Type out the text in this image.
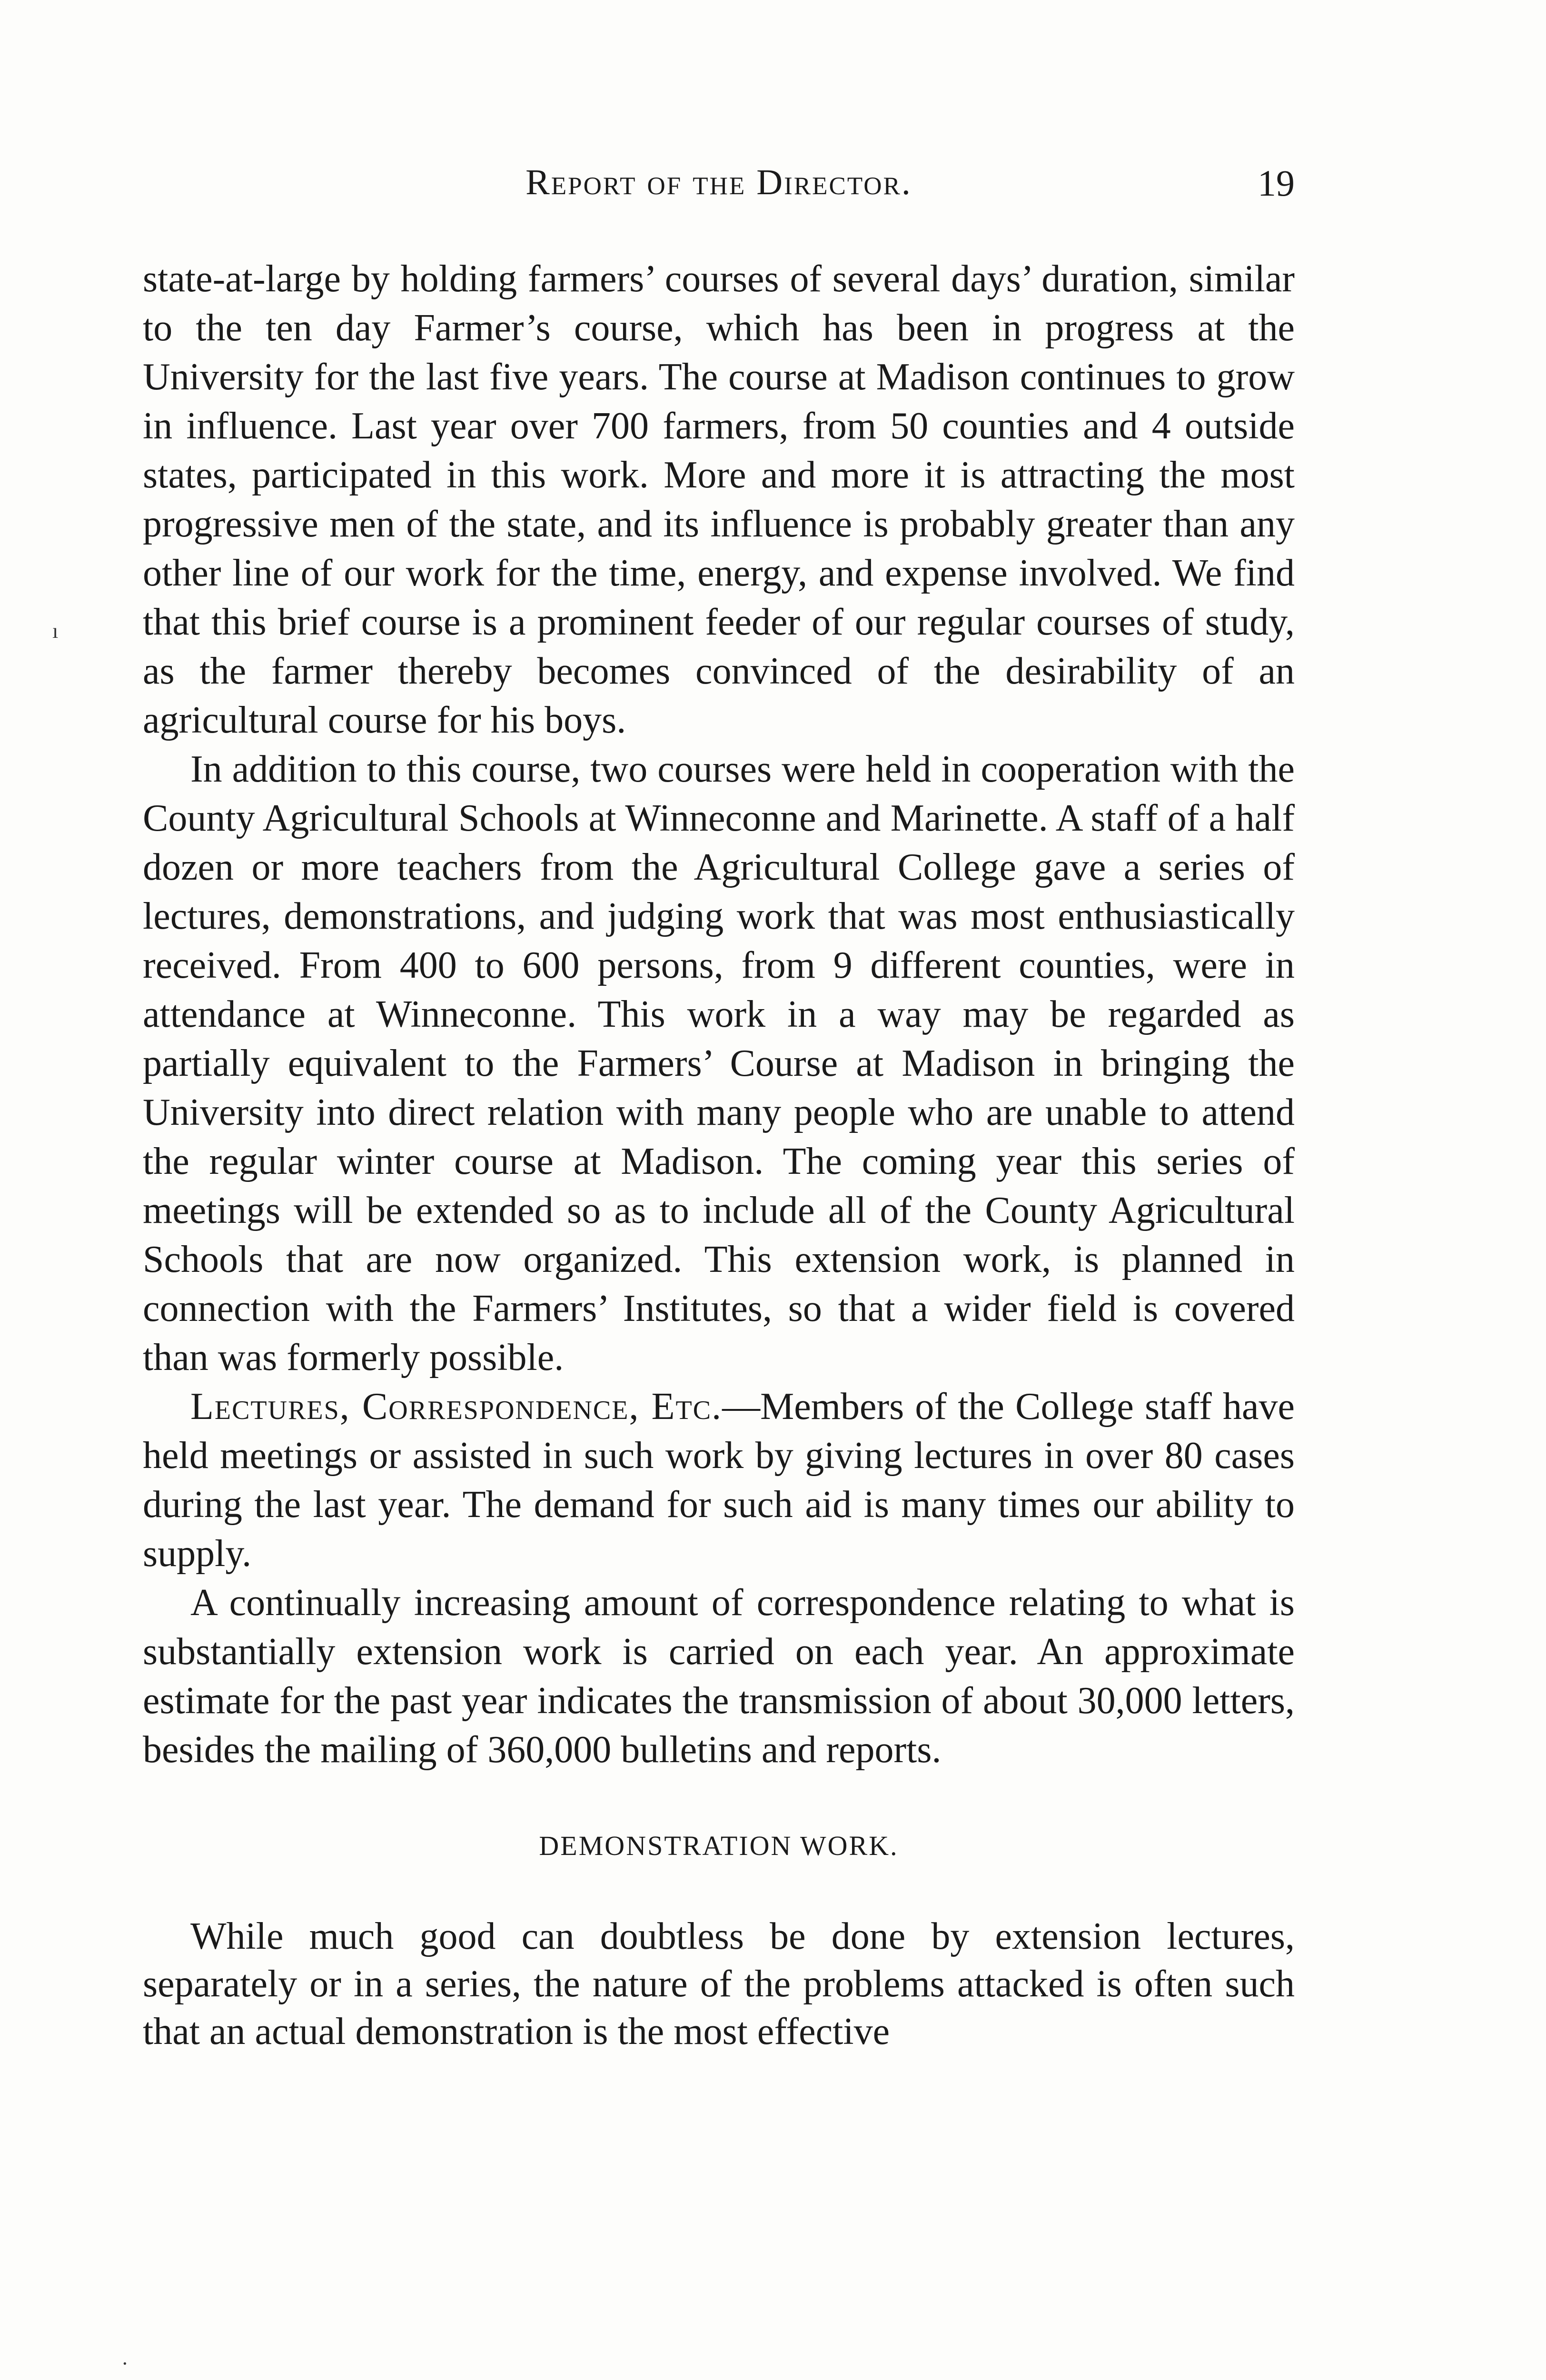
Report of the Director.	19

state-at-large by holding farmers’ courses of several days’ duration, similar to the ten day Farmer’s course, which has been in progress at the University for the last five years. The course at Madison continues to grow in influence. Last year over 700 farmers, from 50 counties and 4 outside states, participated in this work. More and more it is attracting the most progressive men of the state, and its influence is probably greater than any other line of our work for the time, energy, and expense involved. We find that this brief course is a prominent feeder of our regular courses of study, as the farmer thereby becomes convinced of the desirability of an agricultural course for his boys.

In addition to this course, two courses were held in cooperation with the County Agricultural Schools at Winneconne and Marinette. A staff of a half dozen or more teachers from the Agricultural College gave a series of lectures, demonstrations, and judging work that was most enthusiastically received. From 400 to 600 persons, from 9 different counties, were in attendance at Winneconne. This work in a way may be regarded as partially equivalent to the Farmers’ Course at Madison in bringing the University into direct relation with many people who are unable to attend the regular winter course at Madison. The coming year this series of meetings will be extended so as to include all of the County Agricultural Schools that are now organized. This extension work, is planned in connection with the Farmers’ Institutes, so that a wider field is covered than was formerly possible.

Lectures, Correspondence, Etc.—Members of the College staff have held meetings or assisted in such work by giving lectures in over 80 cases during the last year. The demand for such aid is many times our ability to supply.

A continually increasing amount of correspondence relating to what is substantially extension work is carried on each year. An approximate estimate for the past year indicates the transmission of about 30,000 letters, besides the mailing of 360,000 bulletins and reports.

DEMONSTRATION WORK.

While much good can doubtless be done by extension lectures, separately or in a series, the nature of the problems attacked is often such that an actual demonstration is the most effective

ı
·
